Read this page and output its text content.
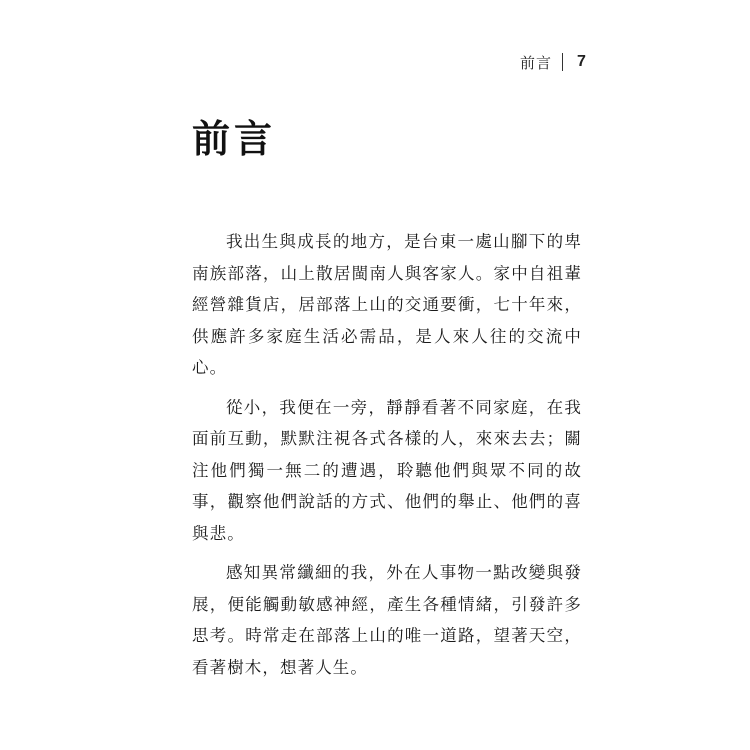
前言 7
前言

我出生與成長的地方，是台東一處山腳下的卑南族部落，山上散居閩南人與客家人。家中自祖輩經營雜貨店，居部落上山的交通要衝，七十年來，供應許多家庭生活必需品，是人來人往的交流中心。

從小，我便在一旁，靜靜看著不同家庭，在我面前互動，默默注視各式各樣的人，來來去去；關注他們獨一無二的遭遇，聆聽他們與眾不同的故事，觀察他們說話的方式、他們的舉止、他們的喜與悲。

感知異常纖細的我，外在人事物一點改變與發展，便能觸動敏感神經，產生各種情緒，引發許多思考。時常走在部落上山的唯一道路，望著天空，看著樹木，想著人生。
